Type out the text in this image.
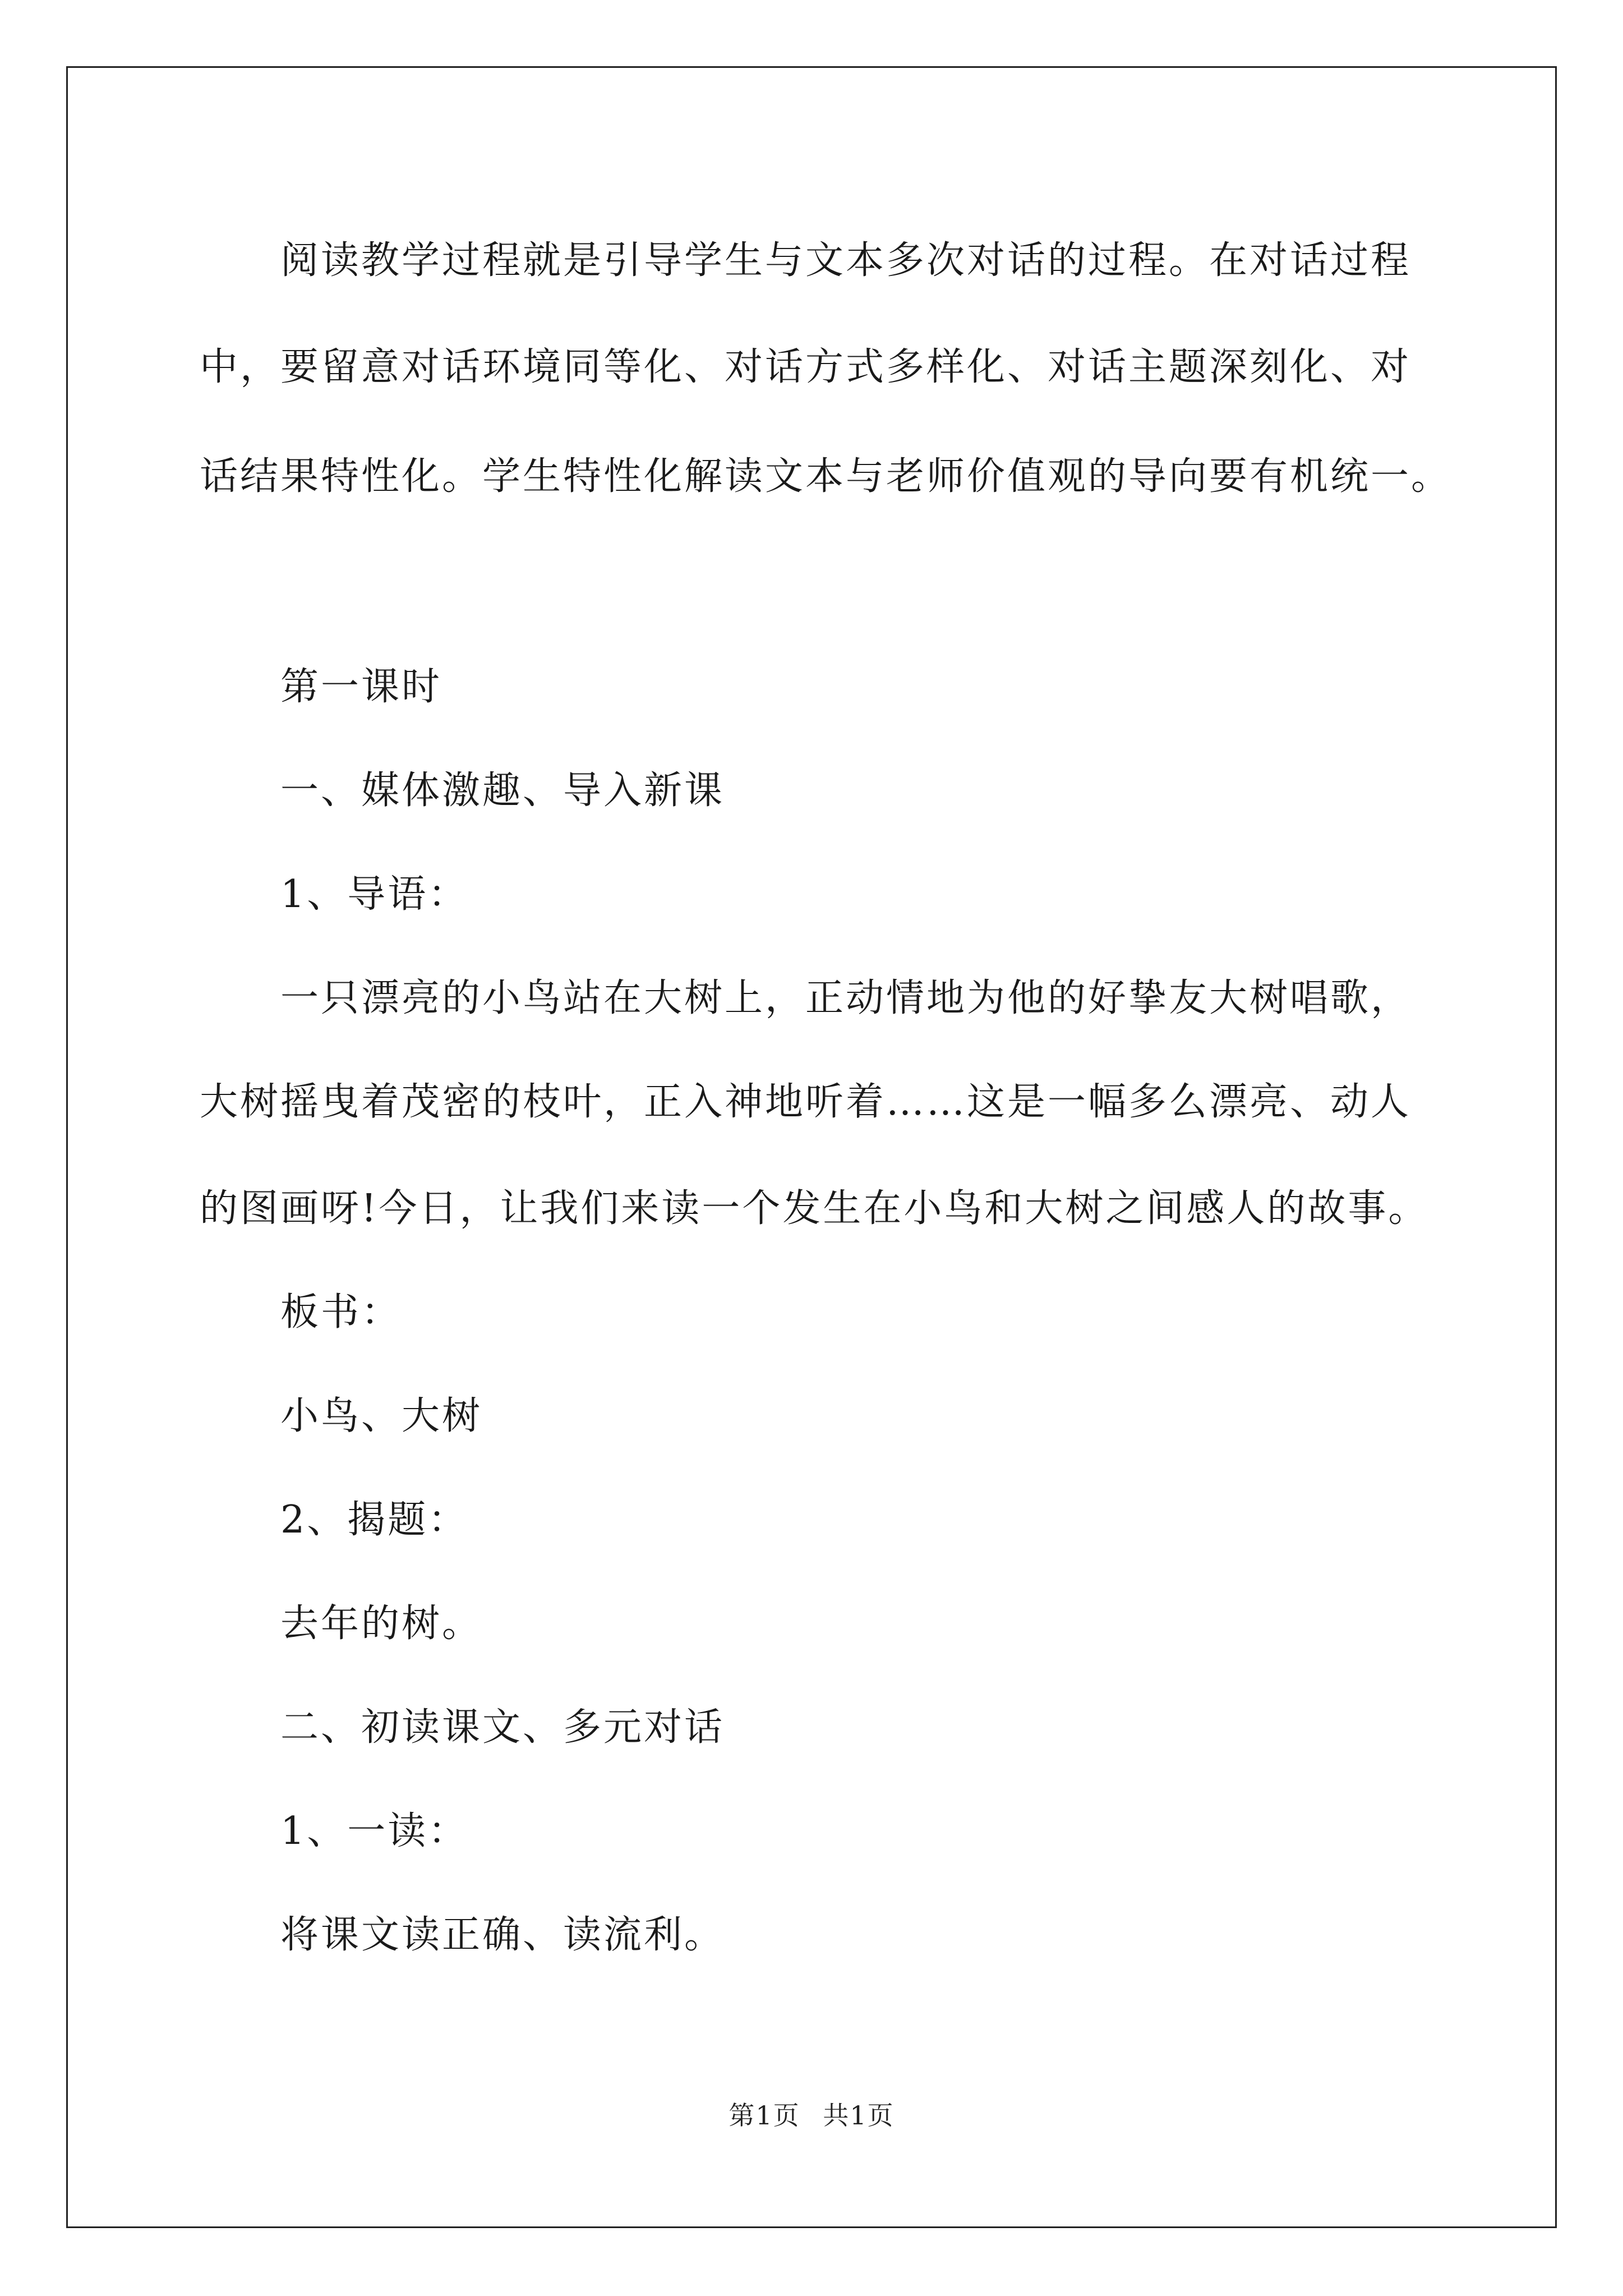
阅读教学过程就是引导学生与文本多次对话的过程。在对话过程
中，要留意对话环境同等化、对话方式多样化、对话主题深刻化、对
话结果特性化。学生特性化解读文本与老师价值观的导向要有机统一。
第一课时
一、媒体激趣、导入新课
1、导语：
一只漂亮的小鸟站在大树上，正动情地为他的好挚友大树唱歌，
大树摇曳着茂密的枝叶，正入神地听着……这是一幅多么漂亮、动人
的图画呀!今日，让我们来读一个发生在小鸟和大树之间感人的故事。
板书：
小鸟、大树
2、揭题：
去年的树。
二、初读课文、多元对话
1、一读：
将课文读正确、读流利。
第1页 共1页
